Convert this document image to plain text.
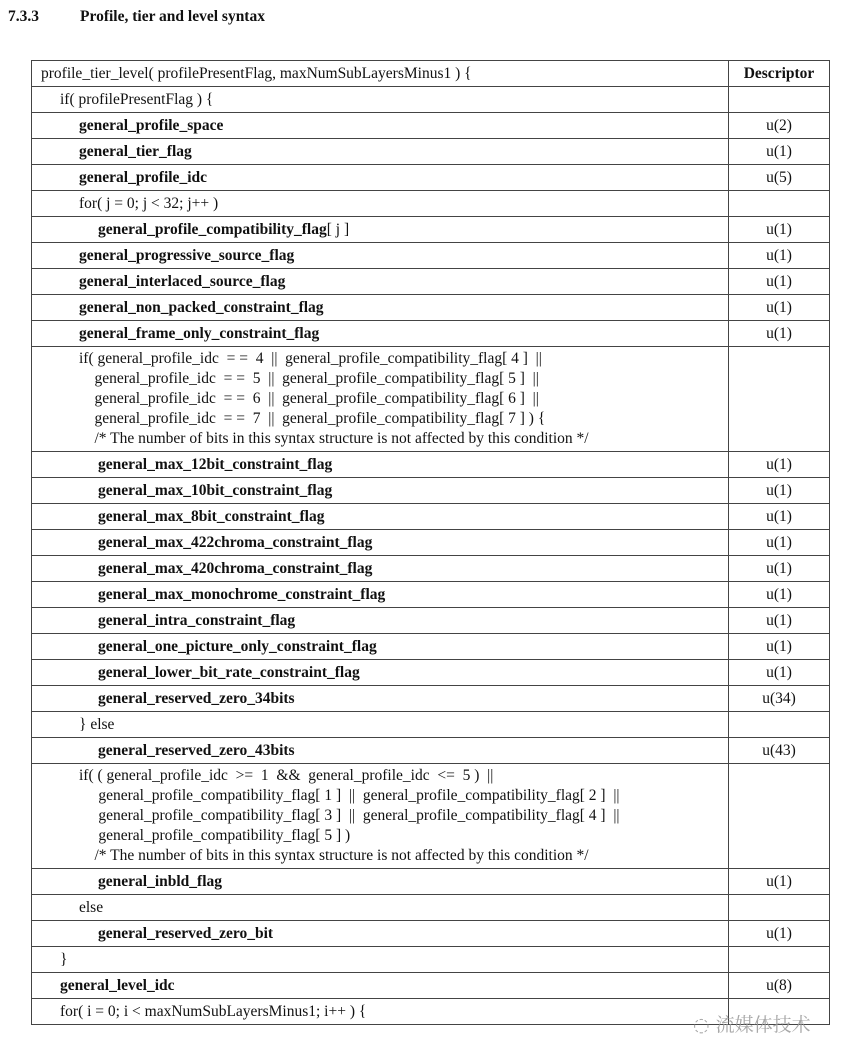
7.3.3	Profile, tier and level syntax
profile_tier_level( profilePresentFlag, maxNumSubLayersMinus1 ) {	Descriptor
if( profilePresentFlag ) {	
general_profile_space	u(2)
general_tier_flag	u(1)
general_profile_idc	u(5)
for( j = 0; j < 32; j++ )	
general_profile_compatibility_flag[ j ]	u(1)
general_progressive_source_flag	u(1)
general_interlaced_source_flag	u(1)
general_non_packed_constraint_flag	u(1)
general_frame_only_constraint_flag	u(1)

if( general_profile_idc  = =  4  ||  general_profile_compatibility_flag[ 4 ]  ||
general_profile_idc  = =  5  ||  general_profile_compatibility_flag[ 5 ]  ||
general_profile_idc  = =  6  ||  general_profile_compatibility_flag[ 6 ]  ||
general_profile_idc  = =  7  ||  general_profile_compatibility_flag[ 7 ] ) {
/* The number of bits in this syntax structure is not affected by this condition */	

general_max_12bit_constraint_flag	u(1)
general_max_10bit_constraint_flag	u(1)
general_max_8bit_constraint_flag	u(1)
general_max_422chroma_constraint_flag	u(1)
general_max_420chroma_constraint_flag	u(1)
general_max_monochrome_constraint_flag	u(1)
general_intra_constraint_flag	u(1)
general_one_picture_only_constraint_flag	u(1)
general_lower_bit_rate_constraint_flag	u(1)
general_reserved_zero_34bits	u(34)
} else	
general_reserved_zero_43bits	u(43)

if( ( general_profile_idc  >=  1  &&  general_profile_idc  <=  5 )  ||
general_profile_compatibility_flag[ 1 ]  ||  general_profile_compatibility_flag[ 2 ]  ||
general_profile_compatibility_flag[ 3 ]  ||  general_profile_compatibility_flag[ 4 ]  ||
general_profile_compatibility_flag[ 5 ] )
/* The number of bits in this syntax structure is not affected by this condition */	

general_inbld_flag	u(1)
else	
general_reserved_zero_bit	u(1)
}	
general_level_idc	u(8)
for( i = 0; i < maxNumSubLayersMinus1; i++ ) {	
◌ 流媒体技术
